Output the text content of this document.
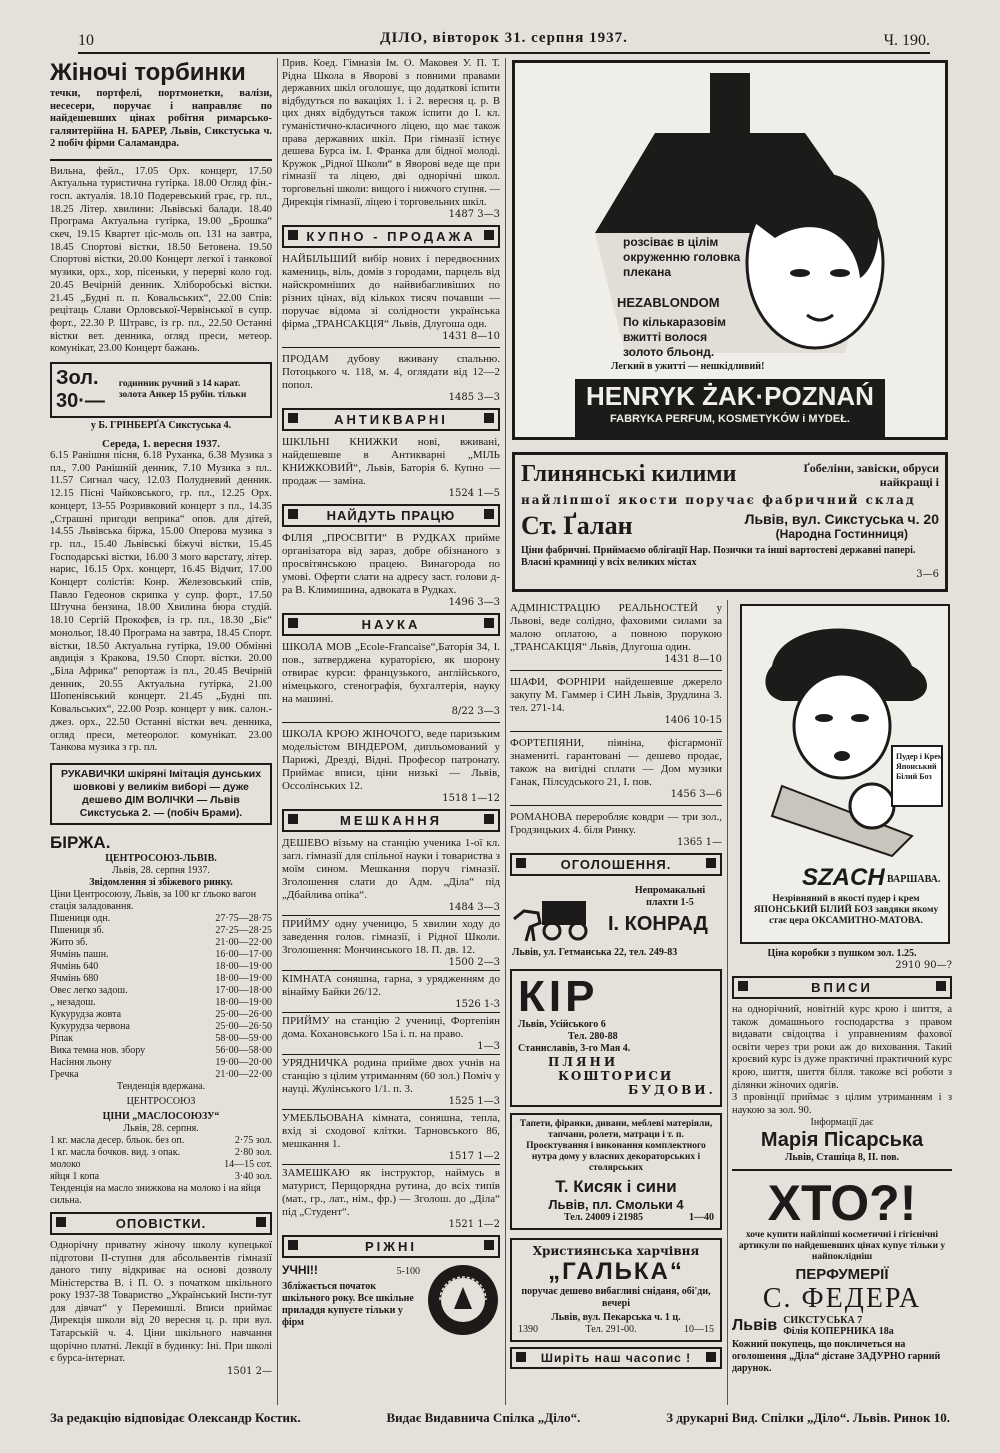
10	ДІЛО, вівторок 31. серпня 1937.	Ч. 190.
Жіночі торбинки
течки, портфелі, портмонетки, валізи, несесери, поручає і направляє по найдешевших цінах робітня римарсько-галянтерійна Н. БАРЕР, Львів, Сикстуська ч. 2 побіч фірми Саламандра.
Вильна, фейл., 17.05 Орх. концерт, 17.50 Актуальна туристична гутірка. 18.00 Огляд фін.-госп. актуалія. 18.10 Подерeвський грає, гр. пл., 18.25 Літер. хвилини: Львівські балади. 18.40 Програма Актуальна гутірка, 19.00 „Брошка“ скеч, 19.15 Квартет ціс-моль оп. 131 на завтра, 18.45 Спортові вістки, 18.50 Бетовена. 19.50 Спортові вістки, 20.00 Концерт легкої і танкової музики, орх., хор, пісеньки, у перерві коло год. 20.45 Вечірній денник. Хліборобські вістки. 21.45 „Будні п. п. Ковальських“, 22.00 Спів: рецітаць Слави Орловської-Червінської в супр. форт., 22.30 Р. Штравс, із гр. пл., 22.50 Останні вістки вет. денника, огляд преси, метеор. комунікат, 23.00 Концерт бажань.
Зол. 30·—
годинник ручний з 14 карат. золота Анкер 15 рубін. тільки
у Б. ГРІНБЕРҐА Сикстуська 4.
Середа, 1. вересня 1937.
6.15 Ранішня пісня, 6.18 Руханка, 6.38 Музика з пл., 7.00 Ранішній денник, 7.10 Музика з пл.. 11.57 Сигнал часу, 12.03 Полудневий денник. 12.15 Пісні Чайковського, гр. пл., 12.25 Орх. концерт, 13-55 Розривковий концерт з пл., 14.35 „Страшні пригоди веприка“ опов. для дітей, 14.55 Львівська біржа, 15.00 Оперова музика з гр. пл., 15.40 Львівські біжучі вістки, 15.45 Господарські вістки, 16.00 З мого варстату, літер. нарис, 16.15 Орх. концерт, 16.45 Відчит, 17.00 Концерт солістів: Конр. Железовський спів, Павло Гедеонов скрипка у супр. форт., 17.50 Штучна бензина, 18.00 Хвилина бюра студій. 18.10 Сергій Прокофєв, із гр. пл., 18.30 „Біє“ монольог, 18.40 Програма на завтра, 18.45 Спорт. вістки, 18.50 Актуальна гутірка, 19.00 Обмінні авдиція з Кракова, 19.50 Спорт. вістки. 20.00 „Біла Африка“ репортаж із пл., 20.45 Вечірній денник, 20.55 Актуальна гутірка, 21.00 Шопенівський концерт. 21.45 „Будні пп. Ковальських“, 22.00 Розр. концерт у вик. салон.-джез. орх., 22.50 Останні вістки веч. денника, огляд преси, метеоролог. комунікат. 23.00 Танкова музика з гр. пл.
РУКАВИЧКИ шкіряні Імітація дунських шовкові у великім виборі — дуже дешево ДІМ ВОЛІЧКИ — Львів Сикстуська 2. — (побіч Брами).
БІРЖА.
ЦЕНТРОСОЮЗ-ЛЬВІВ.
Львів, 28. серпня 1937.
Звідомлення зі збіжевого ринку.
Ціни Центросоюзу, Львів, за 100 кг ґльоко вагон стація заладовання.
Пшениця одн.	27·75—28·75
Пшениця зб.	27·25—28·25
Жито зб.	21·00—22·00
Ячмінь пашн.	16·00—17·00
Ячмінь 640	18·00—19·00
Ячмінь 680	18·00—19·00
Овес легко задош.	17·00—18·00
„ незадош.	18·00—19·00
Кукурудза жовта	25·00—26·00
Кукурудза червона	25·00—26·50
Ріпак	58·00—59·00
Вика темна нов. збору	56·00—58·00
Насіння льону	19·00—20·00
Гречка	21·00—22·00
Тенденція вдержана.
ЦЕНТРОСОЮЗ
ЦІНИ „МАСЛОСОЮЗУ“
Львів, 28. серпня.
1 кг. масла десер. бльок. без оп.	2·75 зол.
1 кг. масла бочков. вид. з опак.	2·80 зол.
молоко	14—15 сот.
яйця 1 копа	3·40 зол.
Тенденція на масло знижкова на молоко і на яйця сильна.
ОПОВІСТКИ.
Однорічну приватну жіночу школу купецької підготови II-ступня для абсольвентів гімназії даного типу відкриває на основі дозволу Міністерства В. і П. О. з початком шкільного року 1937-38 Товариство „Український Інсти-тут для дівчат“ у Перемишлі. Вписи приймає Дирекція школи від 20 вересня ц. р. при вул. Татарській ч. 4. Ціни шкільного навчання щорічно платні. Лекції в будинку: Іні. При школі є бурса-інтернат.
1501 2—
Прив. Коед. Гімназія Ім. О. Маковея У. П. Т. Рідна Школа в Яворові з повними правами державних шкіл оголошує, що додаткові іспити відбудуться по вакаціях 1. і 2. вересня ц. р. В цих днях відбудуться також іспити до І. кл. гуманістично-класичного ліцею, що має також права державних шкіл. При гімназії істнує дешева Бурса ім. І. Франка для бідної молоді. Кружок „Рідної Школи“ в Яворові веде ще при гімназії та ліцею, дві однорічні школ. торговельні школи: вищого і нижчого ступня. — Дирекція гімназії, ліцею і торговельних шкіл.
1487 3—3
КУПНО - ПРОДАЖА
НАЙБІЛЬШИЙ вибір нових і передвоєнних камениць, віль, домів з городами, парцель від найскромніших до найвибагливіших по різних цінах, від кількох тисяч почавши — поручає відома зі солідности українська фірма „ТРАНСАКЦІЯ“ Львів, Длугоша одн.
1431 8—10
ПРОДАМ дубову вживану спальню. Потоцького ч. 118, м. 4, оглядати від 12—2 попол.
1485 3—3
АНТИКВАРНІ
ШКІЛЬНІ КНИЖКИ нові, вживані, найдешевше в Антикварні „МІЛЬ КНИЖКОВИЙ“, Львів, Баторія 6. Купно — продаж — заміна.
1524 1—5
НАЙДУТЬ ПРАЦЮ
ФІЛІЯ „ПРОСВІТИ“ В РУДКАХ приймe організатора від зараз, добре обізнаного з просвітянською працею. Винагорода по умові. Оферти слати на адресу заст. голови д-ра В. Климишина, адвоката в Рудках.
1496 3—3
НАУКА
ШКОЛА МОВ „Ecole-Francaise“,Баторія 34, І. пов., затверджена кураторією, як шорону отвирає курси: французького, англійського, німецького, стенографія, бухгалтерія, науку на машині.
8/22 3—3
ШКОЛА КРОЮ ЖІНОЧОГО, веде паризьким модельістом ВІНДЕРОМ, дипльомований у Парижі, Дрезді, Відні. Професор патронату. Приймає вписи, ціни низькі — Львів, Оссолінських 12.
1518 1—12
МЕШКАННЯ
ДЕШЕВО візьму на станцію ученика 1-ої кл. загл. гімназії для спільної науки і товариства з моїм сином. Мешкання поруч гімназії. Зголошення слати до Адм. „Діла“ під „Дбайлива опіка“.
1484 3—3
ПРИЙМУ одну ученицю, 5 хвилин ходу до заведення голов. гімназії, і Рідної Школи. Зголошення: Мончинського 18. П. дв. 12.
1500 2—3
КІМНАТА соняшна, гарна, з урядженням до вінаймy Байки 26/12.
1526 1-3
ПРИЙМУ на станцію 2 учениці, Фортепіян дома. Кохановського 15а і. п. на право.
1—3
УРЯДНИЧКА родина прийме двох учнів на станцію з цілим утриманням (60 зол.) Поміч у науці. Жулінського 1/1. п. 3.
1525 1—3
УМЕБЛЬОВАНА кімната, соняшна, тепла, вхід зі сходової клітки. Тарновського 86, мешкання 1.
1517 1—2
ЗАМЕШКАЮ як інструктор, наймусь в матурист, Перщорядна рутина, до всіх типів (мат., гр., лат., нім., фр.) — Зголош. до „Діла“ під „Студент“.
1521 1—2
РІЖНІ
УЧНІ!!	5-100
Збліжається початок шкільного року. Все шкільне приладдя купуєте тільки у фірм
Проміння соняшне
розсіває в цілім окруженню головка плекана
HEZABLONDOM
По кількаразовім вжитті волося золото бльонд.
Легкий в ужитті — нешкідливий!
HENRYK ŻAK·POZNAŃ
FABRYKA PERFUM, KOSMETYKÓW i MYDEŁ.
Глинянські килими	Ґобеліни, завіски, обруси найкращі і
найліпшої якости поручає фабричний склад
Ст. Ґалан	Львів, вул. Сикстуська ч. 20
(Народна Гостинниця)
Ціни фабричні. Приймаємо облігації Нар. Позички та інші вартостеві державні папері. Власні крамниці у всіх великих містах
3—6
АДМІНІСТРАЦІЮ РЕАЛЬНОСТЕЙ у Львові, веде солідно, фаховими силами за малою оплатою, а повною порукою „ТРАНСАКЦІЯ“ Львів, Длугоша один.
1431 8—10
ШАФИ, ФОРНІРИ найдешевше джерело закупу М. Гаммер і СИН Львів, Зрудлина 3. тел. 271-14.
1406 10-15
ФОРТЕПІЯНИ, піяніна, фісгармонії знаменитi. гарантовані — дешево продає, також на вигідні сплати — Дом музики Ганак, Пілсудського 21, І. пов.
1456 3—6
РОМАНОВА переробляє ковдри — три зол., Гродзицьких 4. біля Ринку.
1365 1—
ОГОЛОШЕННЯ.
Непромакальні плахти 1-5
І. КОНРАД
Львів, ул. Гетманська 22, тел. 249-83
КІР
Львів, Усійського 6
Тел. 280-88
Станиславів, 3-го Мая 4.
ПЛЯНИ
КОШТОРИСИ
БУДОВИ.
Тапети, фіранки, дивани, меблеві матеріяли, тапчани, ролети, матраци і т. п. Проєктування і виконання комплектного нутра дому у власних декораторських і столярських
Т. Кисяк і сини
Львів, пл. Смольки 4
Тел. 24009 і 21985	1—40
Християнська харчівня
„ГАЛЬКА“
поручає дешево вибагливі сніданя, обі'ди, вечері
Львів, вул. Пекарська ч. 1 ц.
1390	Тел. 291-00.	10—15
Ширіть наш часопис !
Пудер і Крем Японський Білий Боз
SZACH ВАРШАВА.
Незрівняний в якості пудер і крем ЯПОНСЬКИЙ БІЛИЙ БОЗ завдяки якому стає цера ОКСАМИТНО-МАТОВА.
Ціна коробки з пушком зол. 1.25.
2910 90—?
ВПИСИ
на однорічний, новітній курс крою і шиття, а також домашнього господарства з правом видавати свідоцтва і управнениям фахової освіти через три роки аж до виховання. Такий кроєвий курс із дуже практичні практичний курс крою, шиття, шиття білля. такоже всі роботи з ділянки жіночих одягів.
З провінції приймає з цілим утриманням і з наукою за зол. 90.
Інформації дає
Марія Пісарська
Львів, Сташіца 8, ІІ. пов.
ХТО?!
хоче купити найліпші косметичні і гігієнічні артикули по найдешевших цінах купує тільки у найпоклідніш
ПЕРФУМЕРІЇ
С. ФЕДЕРА
Львів СИКСТУСЬКА 7
Філія КОПЕРНИКА 18а
Кожний покупець, що покличеться на оголошення „Діла“ дістане ЗАДУРНО гарний дарунок.
За редакцію відповідає Олександр Костик.	Видає Видавнича Спілка „Діло“.	З друкарні Вид. Спілки „Діло“. Львів. Ринок 10.
